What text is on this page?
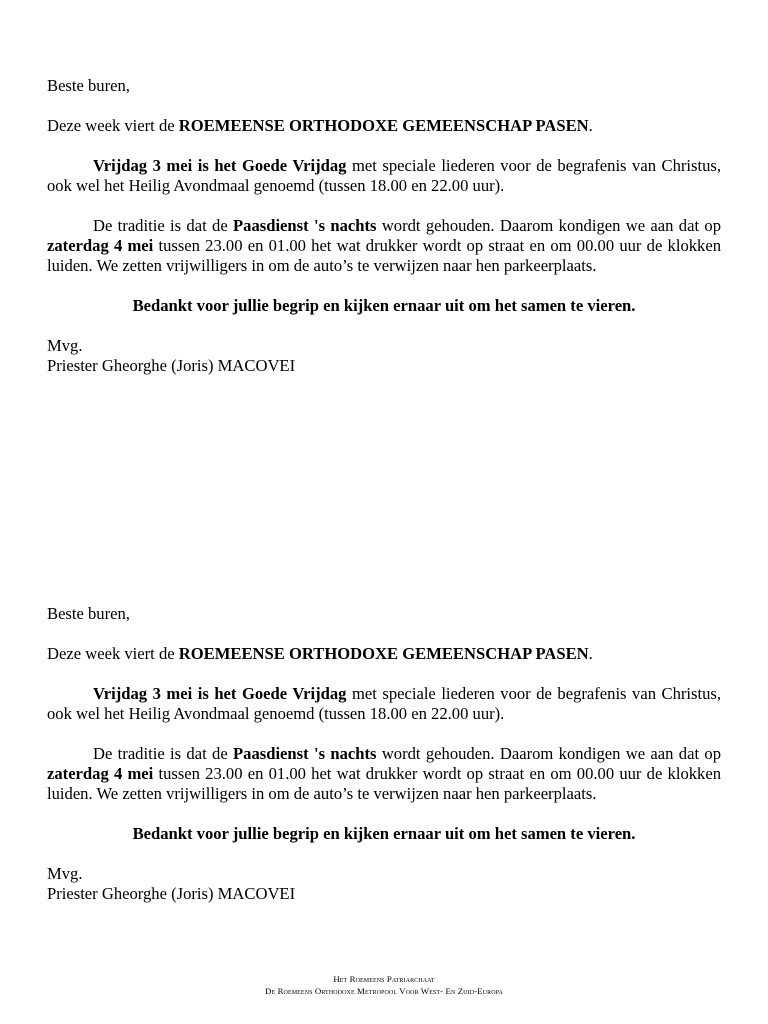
Beste buren,

Deze week viert de ROEMEENSE ORTHODOXE GEMEENSCHAP PASEN.

Vrijdag 3 mei is het Goede Vrijdag met speciale liederen voor de begrafenis van Christus, ook wel het Heilig Avondmaal genoemd (tussen 18.00 en 22.00 uur).

De traditie is dat de Paasdienst 's nachts wordt gehouden. Daarom kondigen we aan dat op zaterdag 4 mei tussen 23.00 en 01.00 het wat drukker wordt op straat en om 00.00 uur de klokken luiden. We zetten vrijwilligers in om de auto’s te verwijzen naar hen parkeerplaats.

Bedankt voor jullie begrip en kijken ernaar uit om het samen te vieren.

Mvg.

Priester Gheorghe (Joris) MACOVEI

Beste buren,

Deze week viert de ROEMEENSE ORTHODOXE GEMEENSCHAP PASEN.

Vrijdag 3 mei is het Goede Vrijdag met speciale liederen voor de begrafenis van Christus, ook wel het Heilig Avondmaal genoemd (tussen 18.00 en 22.00 uur).

De traditie is dat de Paasdienst 's nachts wordt gehouden. Daarom kondigen we aan dat op zaterdag 4 mei tussen 23.00 en 01.00 het wat drukker wordt op straat en om 00.00 uur de klokken luiden. We zetten vrijwilligers in om de auto’s te verwijzen naar hen parkeerplaats.

Bedankt voor jullie begrip en kijken ernaar uit om het samen te vieren.

Mvg.

Priester Gheorghe (Joris) MACOVEI

Het Roemeens Patriarchaat
De Roemeens Orthodoxe Metropool Voor West- En Zuid-Europa
